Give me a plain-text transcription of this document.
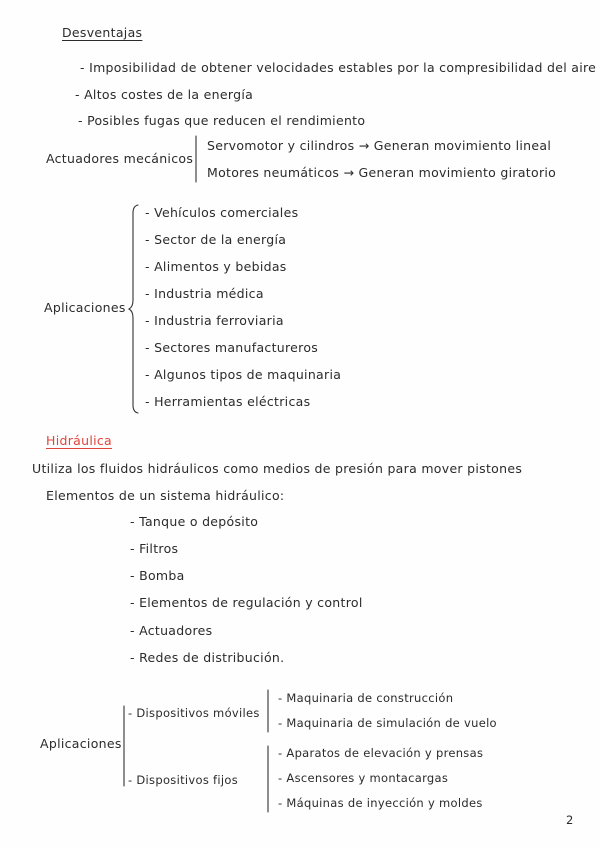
Desventajas
- Imposibilidad de obtener velocidades estables por la compresibilidad del aire
- Altos costes de la energía
- Posibles fugas que reducen el rendimiento
Actuadores mecánicos
Servomotor y cilindros → Generan movimiento lineal
Motores neumáticos → Generan movimiento giratorio
Aplicaciones
- Vehículos comerciales
- Sector de la energía
- Alimentos y bebidas
- Industria médica
- Industria ferroviaria
- Sectores manufactureros
- Algunos tipos de maquinaria
- Herramientas eléctricas
Hidráulica
Utiliza los fluidos hidráulicos como medios de presión para mover pistones
Elementos de un sistema hidráulico:
- Tanque o depósito
- Filtros
- Bomba
- Elementos de regulación y control
- Actuadores
- Redes de distribución.
Aplicaciones
- Dispositivos móviles
- Maquinaria de construcción
- Maquinaria de simulación de vuelo
- Dispositivos fijos
- Aparatos de elevación y prensas
- Ascensores y montacargas
- Máquinas de inyección y moldes
2
